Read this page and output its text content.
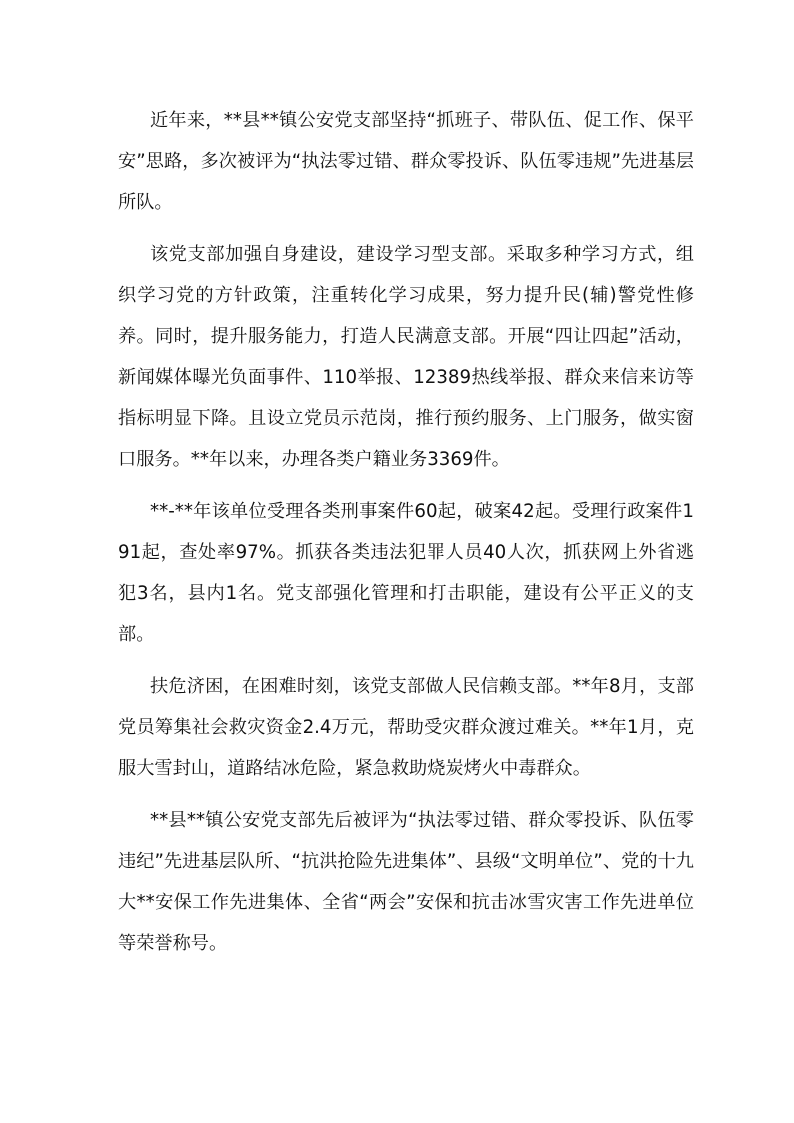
近年来，**县**镇公安党支部坚持“抓班子、带队伍、促工作、保平安”思路，多次被评为“执法零过错、群众零投诉、队伍零违规”先进基层所队。

该党支部加强自身建设，建设学习型支部。采取多种学习方式，组织学习党的方针政策，注重转化学习成果，努力提升民(辅)警党性修养。同时，提升服务能力，打造人民满意支部。开展“四让四起”活动，新闻媒体曝光负面事件、110举报、12389热线举报、群众来信来访等指标明显下降。且设立党员示范岗，推行预约服务、上门服务，做实窗口服务。**年以来，办理各类户籍业务3369件。

**-**年该单位受理各类刑事案件60起，破案42起。受理行政案件191起，查处率97%。抓获各类违法犯罪人员40人次，抓获网上外省逃犯3名，县内1名。党支部强化管理和打击职能，建设有公平正义的支部。

扶危济困，在困难时刻，该党支部做人民信赖支部。**年8月，支部党员筹集社会救灾资金2.4万元，帮助受灾群众渡过难关。**年1月，克服大雪封山，道路结冰危险，紧急救助烧炭烤火中毒群众。

**县**镇公安党支部先后被评为“执法零过错、群众零投诉、队伍零违纪”先进基层队所、“抗洪抢险先进集体”、县级“文明单位”、党的十九大**安保工作先进集体、全省“两会”安保和抗击冰雪灾害工作先进单位等荣誉称号。
